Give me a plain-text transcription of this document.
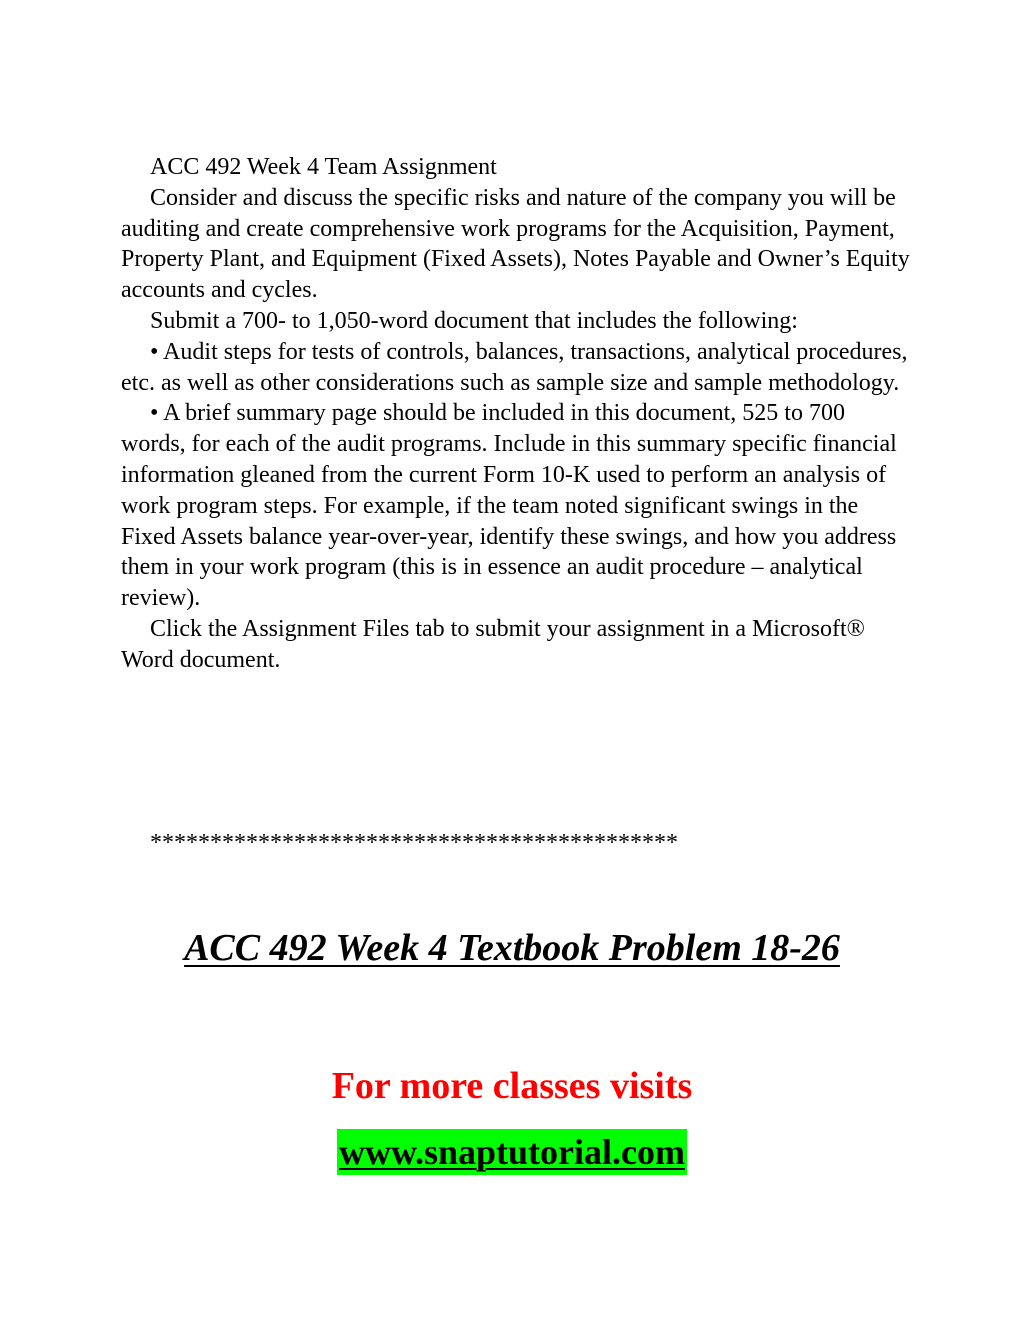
ACC 492 Week 4 Team Assignment

Consider and discuss the specific risks and nature of the company you will be auditing and create comprehensive work programs for the Acquisition, Payment, Property Plant, and Equipment (Fixed Assets), Notes Payable and Owner’s Equity accounts and cycles.

Submit a 700- to 1,050-word document that includes the following:

• Audit steps for tests of controls, balances, transactions, analytical procedures, etc. as well as other considerations such as sample size and sample methodology.

• A brief summary page should be included in this document, 525 to 700 words, for each of the audit programs. Include in this summary specific financial information gleaned from the current Form 10-K used to perform an analysis of work program steps. For example, if the team noted significant swings in the Fixed Assets balance year-over-year, identify these swings, and how you address them in your work program (this is in essence an audit procedure – analytical review).

Click the Assignment Files tab to submit your assignment in a Microsoft® Word document.

********************************************
ACC 492 Week 4 Textbook Problem 18-26
For more classes visits
www.snaptutorial.com
